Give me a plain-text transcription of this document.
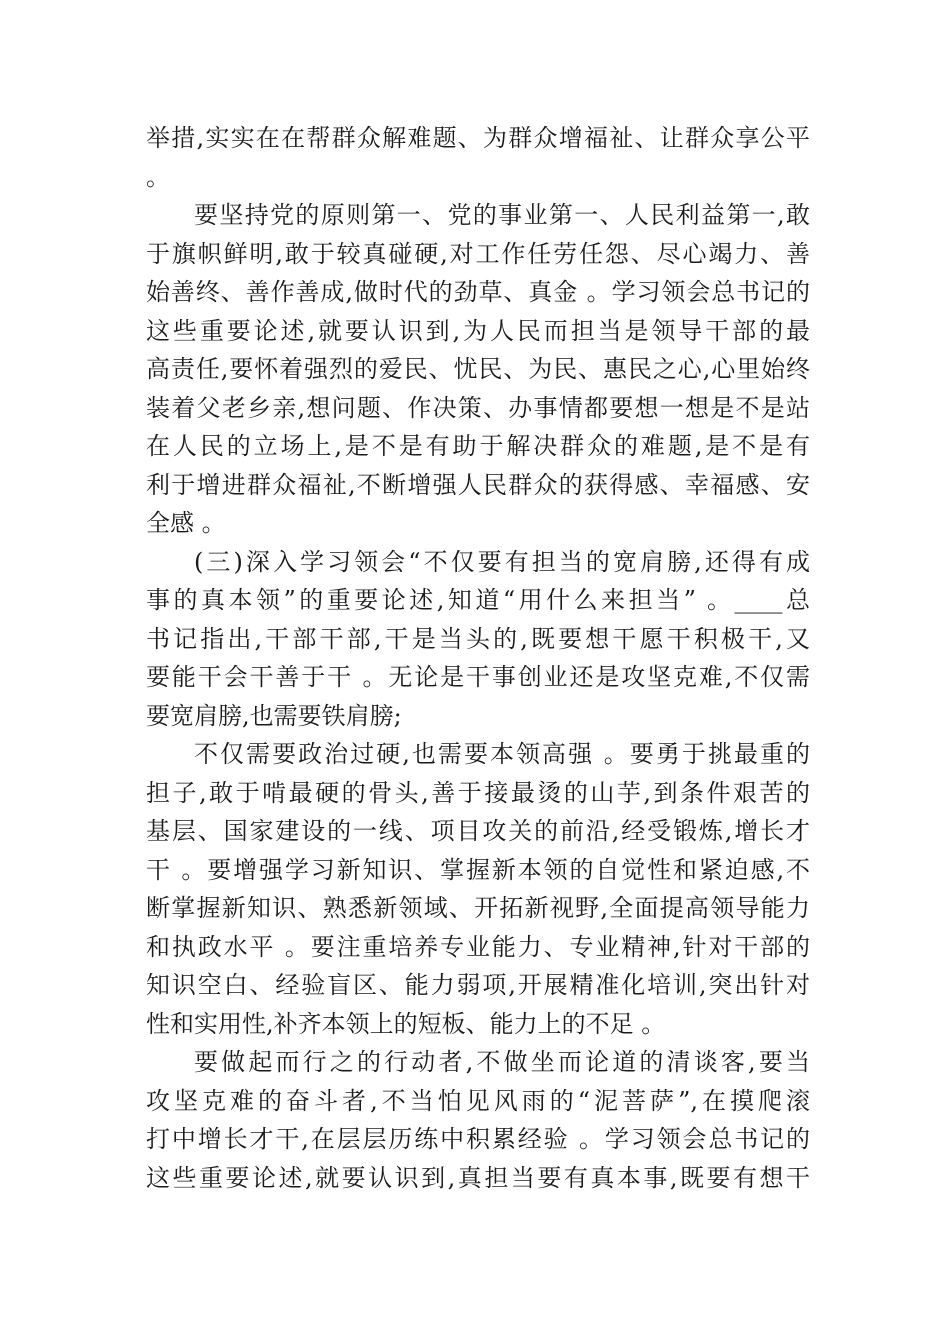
举措,实实在在帮群众解难题、为群众增福祉、让群众享公平
。
要坚持党的原则第一、党的事业第一、人民利益第一,敢
于旗帜鲜明,敢于较真碰硬,对工作任劳任怨、尽心竭力、善
始善终、善作善成,做时代的劲草、真金 。学习领会总书记的
这些重要论述,就要认识到,为人民而担当是领导干部的最
高责任,要怀着强烈的爱民、忧民、为民、惠民之心,心里始终
装着父老乡亲,想问题、作决策、办事情都要想一想是不是站
在人民的立场上,是不是有助于解决群众的难题,是不是有
利于增进群众福祉,不断增强人民群众的获得感、幸福感、安
全感 。
(三)深入学习领会“不仅要有担当的宽肩膀,还得有成
事的真本领”的重要论述,知道“用什么来担当” 。____总
书记指出,干部干部,干是当头的,既要想干愿干积极干,又
要能干会干善于干 。无论是干事创业还是攻坚克难,不仅需
要宽肩膀,也需要铁肩膀;
不仅需要政治过硬,也需要本领高强 。要勇于挑最重的
担子,敢于啃最硬的骨头,善于接最烫的山芋,到条件艰苦的
基层、国家建设的一线、项目攻关的前沿,经受锻炼,增长才
干 。要增强学习新知识、掌握新本领的自觉性和紧迫感,不
断掌握新知识、熟悉新领域、开拓新视野,全面提高领导能力
和执政水平 。要注重培养专业能力、专业精神,针对干部的
知识空白、经验盲区、能力弱项,开展精准化培训,突出针对
性和实用性,补齐本领上的短板、能力上的不足 。
要做起而行之的行动者,不做坐而论道的清谈客,要当
攻坚克难的奋斗者,不当怕见风雨的“泥菩萨”,在摸爬滚
打中增长才干,在层层历练中积累经验 。学习领会总书记的
这些重要论述,就要认识到,真担当要有真本事,既要有想干
